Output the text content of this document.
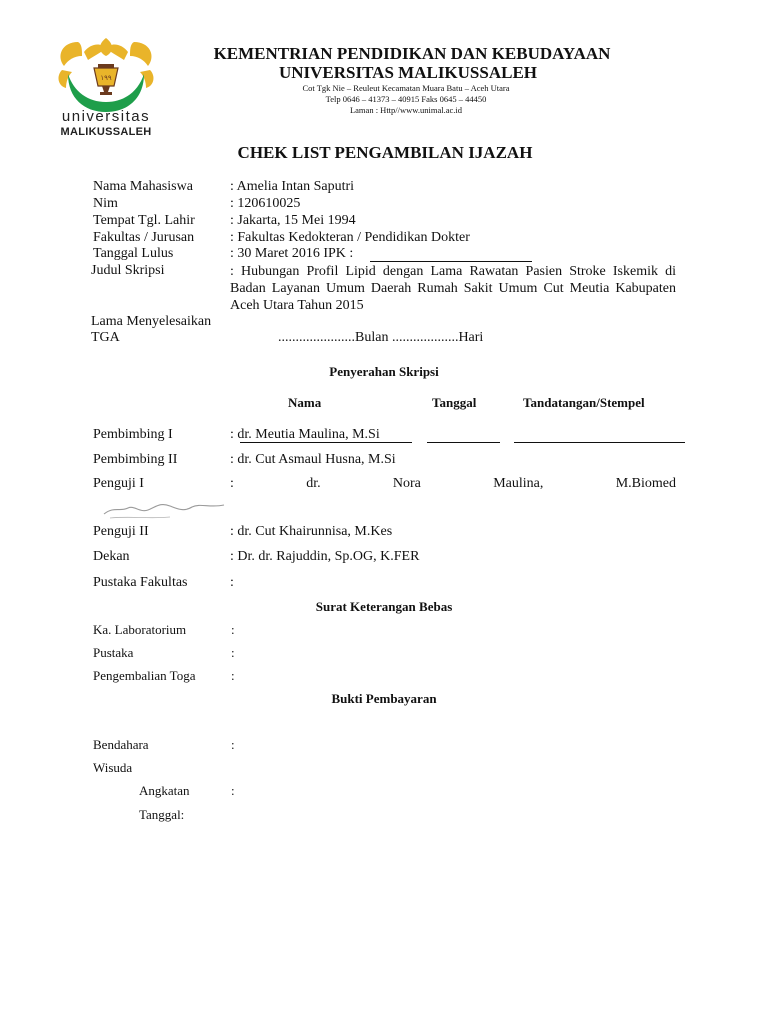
۱۹۹
universitas
MALIKUSSALEH
KEMENTRIAN PENDIDIKAN DAN KEBUDAYAAN
UNIVERSITAS MALIKUSSALEH
Cot Tgk Nie – Reuleut Kecamatan Muara Batu – Aceh Utara
Telp 0646 – 41373 – 40915 Faks 0645 – 44450
Laman : Http//www.unimal.ac.id
CHEK LIST PENGAMBILAN IJAZAH
Nama Mahasiswa	: Amelia Intan Saputri
Nim	: 120610025
Tempat Tgl. Lahir	: Jakarta, 15 Mei 1994
Fakultas / Jurusan	: Fakultas Kedokteran / Pendidikan Dokter
Tanggal Lulus	: 30 Maret 2016 IPK :
Judul Skripsi	: Hubungan Profil Lipid dengan Lama Rawatan Pasien Stroke Iskemik di Badan Layanan Umum Daerah Rumah Sakit Umum Cut Meutia Kabupaten Aceh Utara Tahun 2015
Lama Menyelesaikan
TGA	......................Bulan ...................Hari
Penyerahan Skripsi
Nama	Tanggal	Tandatangan/Stempel
Pembimbing I	: dr. Meutia Maulina, M.Si
Pembimbing II	: dr. Cut Asmaul Husna, M.Si
Penguji I	:	dr.	Nora	Maulina,	M.Biomed
Penguji II	: dr. Cut Khairunnisa, M.Kes
Dekan	: Dr. dr. Rajuddin, Sp.OG, K.FER
Pustaka Fakultas	:
Surat Keterangan Bebas
Ka. Laboratorium	:
Pustaka	:
Pengembalian Toga	:
Bukti Pembayaran
Bendahara	:
Wisuda
Angkatan	:
Tanggal:
